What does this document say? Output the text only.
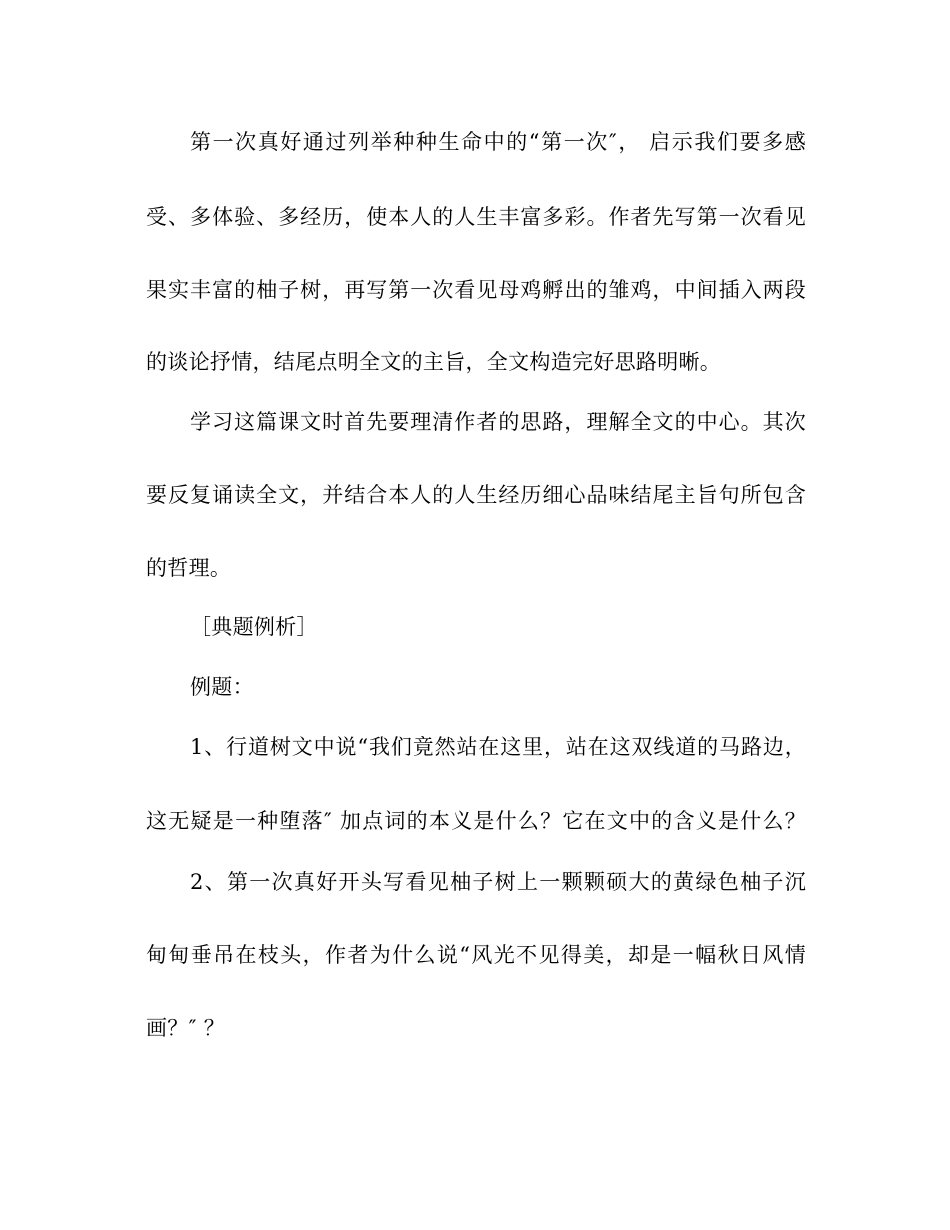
第一次真好通过列举种种生命中的“第一次″， 启示我们要多感
受、多体验、多经历，使本人的人生丰富多彩。作者先写第一次看见
果实丰富的柚子树，再写第一次看见母鸡孵出的雏鸡，中间插入两段
的谈论抒情，结尾点明全文的主旨，全文构造完好思路明晰。
学习这篇课文时首先要理清作者的思路，理解全文的中心。其次
要反复诵读全文，并结合本人的人生经历细心品味结尾主旨句所包含
的哲理。
［典题例析］
例题：
1、行道树文中说“我们竟然站在这里，站在这双线道的马路边，
这无疑是一种堕落″ 加点词的本义是什么？它在文中的含义是什么？
2、第一次真好开头写看见柚子树上一颗颗硕大的黄绿色柚子沉
甸甸垂吊在枝头，作者为什么说“风光不见得美，却是一幅秋日风情
画？″ ？
